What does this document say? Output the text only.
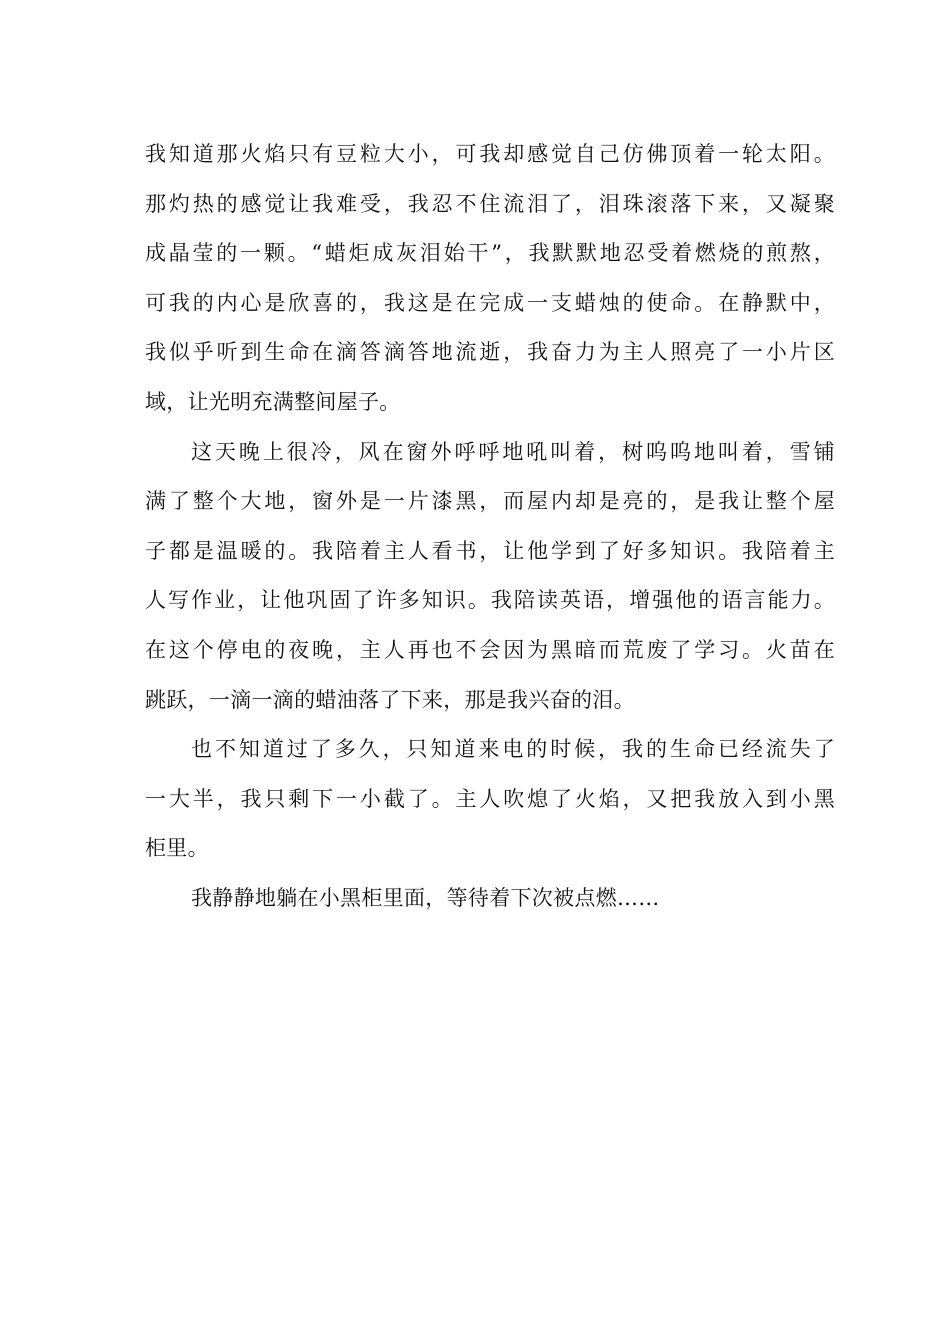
我知道那火焰只有豆粒大小，可我却感觉自己仿佛顶着一轮太阳。

那灼热的感觉让我难受，我忍不住流泪了，泪珠滚落下来，又凝聚

成晶莹的一颗。“蜡炬成灰泪始干”，我默默地忍受着燃烧的煎熬，

可我的内心是欣喜的，我这是在完成一支蜡烛的使命。在静默中，

我似乎听到生命在滴答滴答地流逝，我奋力为主人照亮了一小片区

域，让光明充满整间屋子。

这天晚上很冷，风在窗外呼呼地吼叫着，树呜呜地叫着，雪铺

满了整个大地，窗外是一片漆黑，而屋内却是亮的，是我让整个屋

子都是温暖的。我陪着主人看书，让他学到了好多知识。我陪着主

人写作业，让他巩固了许多知识。我陪读英语，增强他的语言能力。

在这个停电的夜晚，主人再也不会因为黑暗而荒废了学习。火苗在

跳跃，一滴一滴的蜡油落了下来，那是我兴奋的泪。

也不知道过了多久，只知道来电的时候，我的生命已经流失了

一大半，我只剩下一小截了。主人吹熄了火焰，又把我放入到小黑

柜里。

我静静地躺在小黑柜里面，等待着下次被点燃……
